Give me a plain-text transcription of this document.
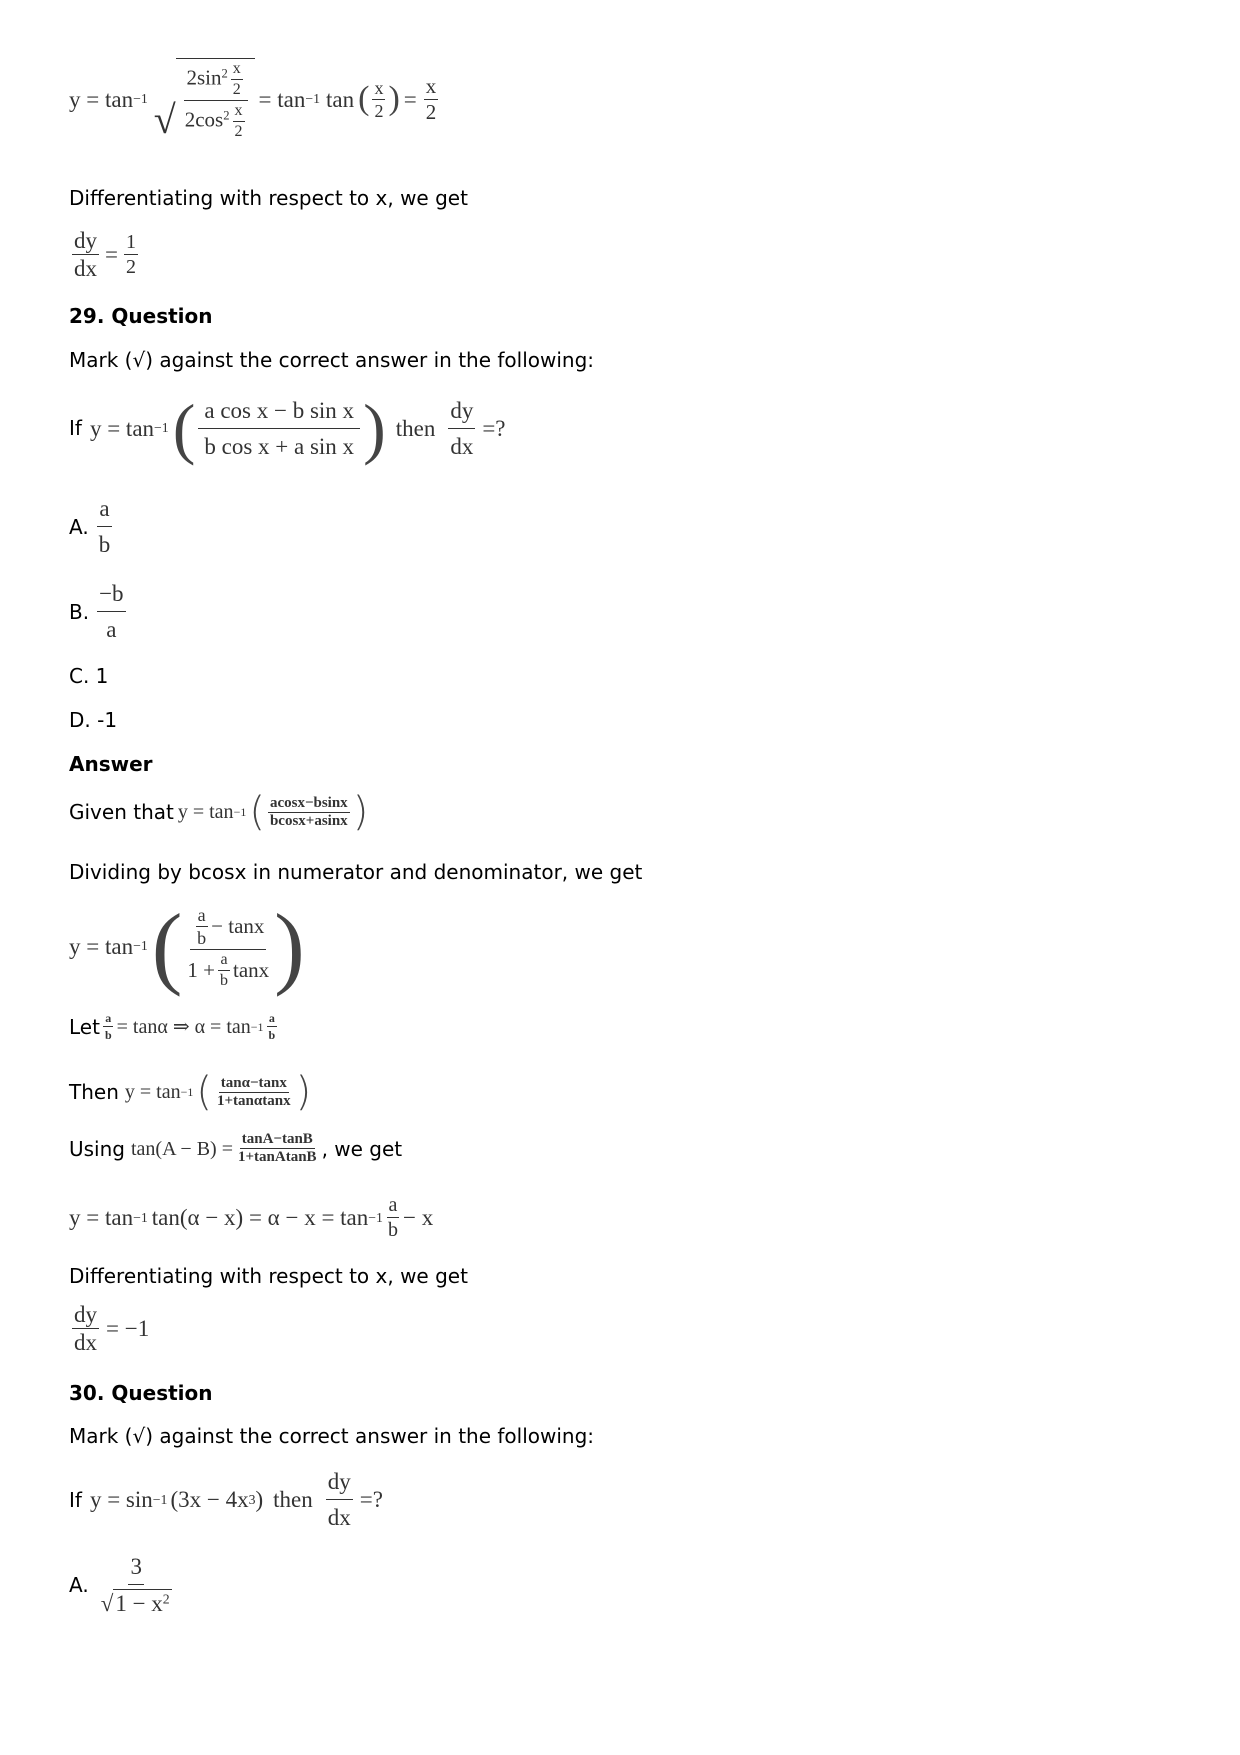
y = tan −1 √ $\frac{2\sin^2 \frac{x}{2}}{2\cos^2 \frac{x}{2}} = \tan -1$ tan ( $\frac{x}{2}$ ) = $\frac{x}{2}$
Differentiating with respect to x, we get
$\frac{dy}{dx} = \frac{1}{2}$
29. Question
Mark (√) against the correct answer in the following:
If y = tan −1 ( $\frac{\text{a cos x − b sin x}}{\text{b cos x + a sin x}}$ ) then $\frac{dy}{dx}$ =?
A. $\frac{a}{b}$
B. $\frac{-b}{a}$
C. 1
D. -1
Answer
Given that y = tan −1 ( $\frac{acosx-bsinx}{bcosx+asinx}$ )
Dividing by bcosx in numerator and denominator, we get
y = tan −1 ( $\frac{\frac{a}{b} - \tan x}{1 + \frac{a}{b} \tan x}$ )
Let $\frac{a}{b} = \tan\alpha$ ⇒ $\alpha = \tan -1 \frac{a}{b}$
Then y = tan −1 ( $\frac{\tan\alpha-\tan x}{1+\tan\alpha\tan x}$ )
Using $\tan(A - B) = \frac{\tan A-\tan B}{\text{1+tanAtanB}}$ , we get
y = tan −1 $\tan(\alpha - x) = \alpha - x = \tan -1 \frac{a}{b} - x$
Differentiating with respect to x, we get
$\frac{dy}{dx} = -1$
30. Question
Mark (√) against the correct answer in the following:
If y = sin −1 (3x − 4x 3 ) then $\frac{dy}{dx}$ =?
A. $\frac{3}{√ 1 - x^2}$
